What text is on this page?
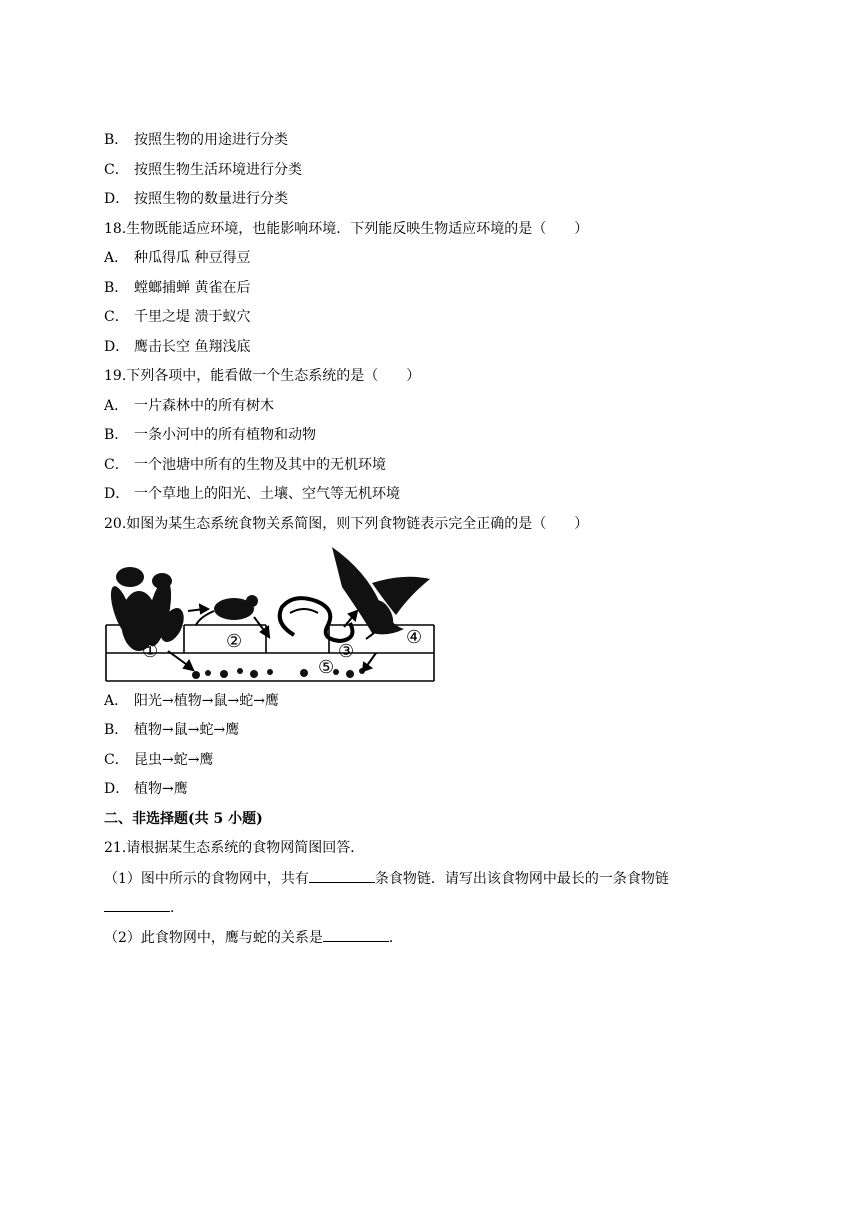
B． 按照生物的用途进行分类
C． 按照生物生活环境进行分类
D． 按照生物的数量进行分类
18.生物既能适应环境，也能影响环境．下列能反映生物适应环境的是（　　）
A． 种瓜得瓜 种豆得豆
B． 螳螂捕蝉 黄雀在后
C． 千里之堤 溃于蚁穴
D． 鹰击长空 鱼翔浅底
19.下列各项中，能看做一个生态系统的是（　　）
A． 一片森林中的所有树木
B． 一条小河中的所有植物和动物
C． 一个池塘中所有的生物及其中的无机环境
D． 一个草地上的阳光、土壤、空气等无机环境
20.如图为某生态系统食物关系简图，则下列食物链表示完全正确的是（　　）
①	②	③
④
⑤
A． 阳光→植物→鼠→蛇→鹰
B． 植物→鼠→蛇→鹰
C． 昆虫→蛇→鹰
D． 植物→鹰
二、非选择题(共 5 小题)
21.请根据某生态系统的食物网简图回答．
（1）图中所示的食物网中，共有	条食物链．请写出该食物网中最长的一条食物链
．
（2）此食物网中，鹰与蛇的关系是	．
